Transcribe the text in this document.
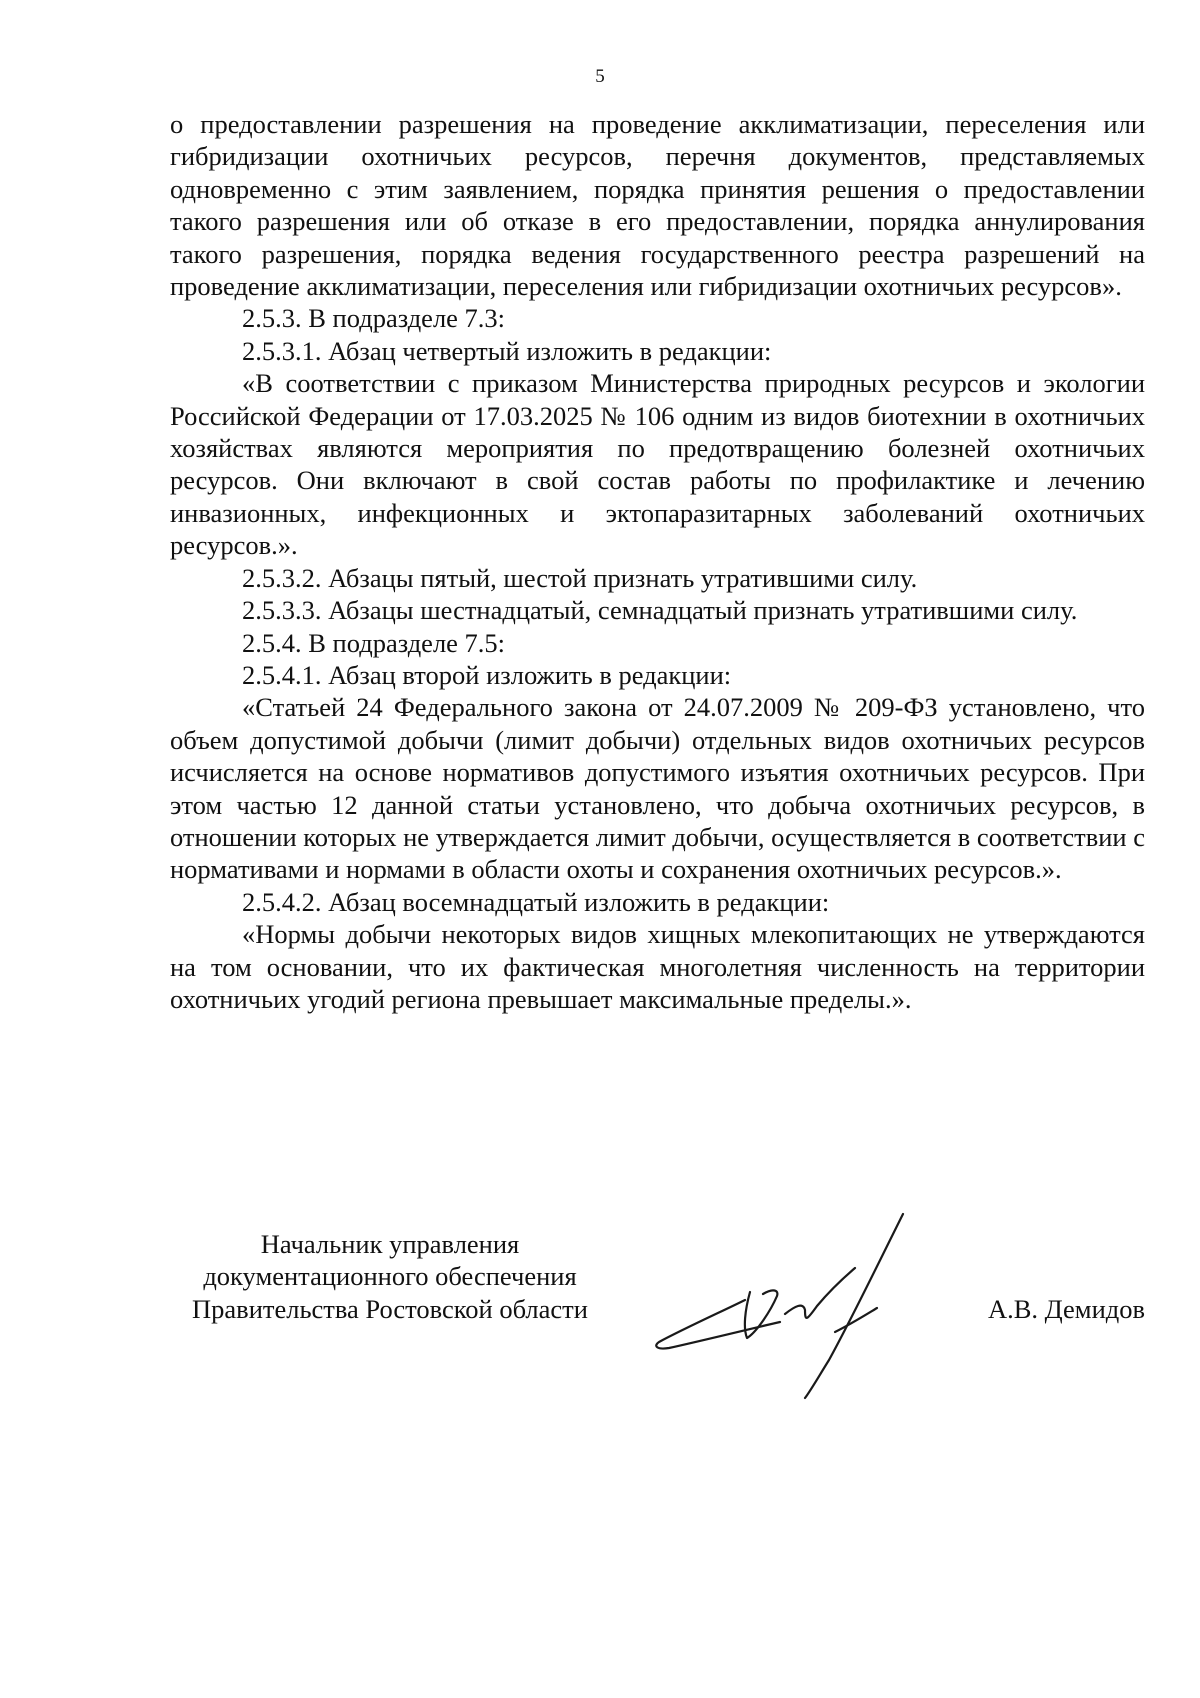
5

о предоставлении разрешения на проведение акклиматизации, переселения или гибридизации охотничьих ресурсов, перечня документов, представляемых одновременно с этим заявлением, порядка принятия решения о предоставлении такого разрешения или об отказе в его предоставлении, порядка аннулирования такого разрешения, порядка ведения государственного реестра разрешений на проведение акклиматизации, переселения или гибридизации охотничьих ресурсов».

2.5.3. В подразделе 7.3:

2.5.3.1. Абзац четвертый изложить в редакции:

«В соответствии с приказом Министерства природных ресурсов и экологии Российской Федерации от 17.03.2025 № 106 одним из видов биотехнии в охотничьих хозяйствах являются мероприятия по предотвращению болезней охотничьих ресурсов. Они включают в свой состав работы по профилактике и лечению инвазионных, инфекционных и эктопаразитарных заболеваний охотничьих ресурсов.».

2.5.3.2. Абзацы пятый, шестой признать утратившими силу.

2.5.3.3. Абзацы шестнадцатый, семнадцатый признать утратившими силу.

2.5.4. В подразделе 7.5:

2.5.4.1. Абзац второй изложить в редакции:

«Статьей 24 Федерального закона от 24.07.2009 № 209-ФЗ установлено, что объем допустимой добычи (лимит добычи) отдельных видов охотничьих ресурсов исчисляется на основе нормативов допустимого изъятия охотничьих ресурсов. При этом частью 12 данной статьи установлено, что добыча охотничьих ресурсов, в отношении которых не утверждается лимит добычи, осуществляется в соответствии с нормативами и нормами в области охоты и сохранения охотничьих ресурсов.».

2.5.4.2. Абзац восемнадцатый изложить в редакции:

«Нормы добычи некоторых видов хищных млекопитающих не утверждаются на том основании, что их фактическая многолетняя численность на территории охотничьих угодий региона превышает максимальные пределы.».

Начальник управления
документационного обеспечения
Правительства Ростовской области	А.В. Демидов
